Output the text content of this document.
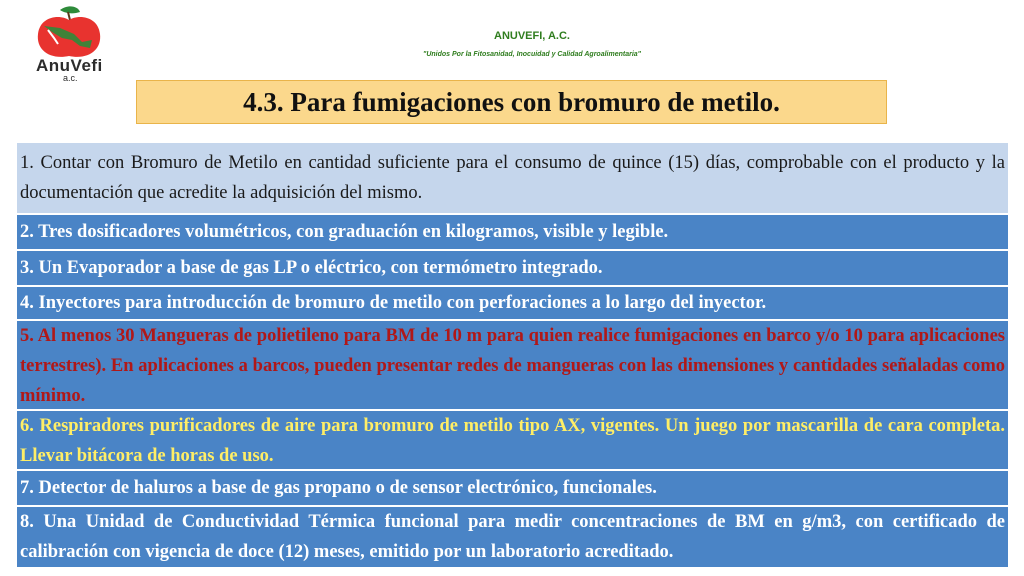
AnuVefi
a.c.
ANUVEFI, A.C.
"Unidos Por la Fitosanidad, Inocuidad y Calidad Agroalimentaria"
4.3. Para fumigaciones con bromuro de metilo.
1. Contar con Bromuro de Metilo en cantidad suficiente para el consumo de quince (15) días, comprobable con el producto y la documentación que acredite la adquisición del mismo.
2. Tres dosificadores volumétricos, con graduación en kilogramos, visible y legible.
3. Un Evaporador a base de gas LP o eléctrico, con termómetro integrado.
4. Inyectores para introducción de bromuro de metilo con perforaciones a lo largo del inyector.
5. Al menos 30 Mangueras de polietileno para BM de 10 m para quien realice fumigaciones en barco y/o 10 para aplicaciones terrestres). En aplicaciones a barcos, pueden presentar redes de mangueras con las dimensiones y cantidades señaladas como mínimo.
6. Respiradores purificadores de aire para bromuro de metilo tipo AX, vigentes. Un juego por mascarilla de cara completa. Llevar bitácora de horas de uso.
7. Detector de haluros a base de gas propano o de sensor electrónico, funcionales.
8. Una Unidad de Conductividad Térmica funcional para medir concentraciones de BM en g/m3, con certificado de calibración con vigencia de doce (12) meses, emitido por un laboratorio acreditado.
